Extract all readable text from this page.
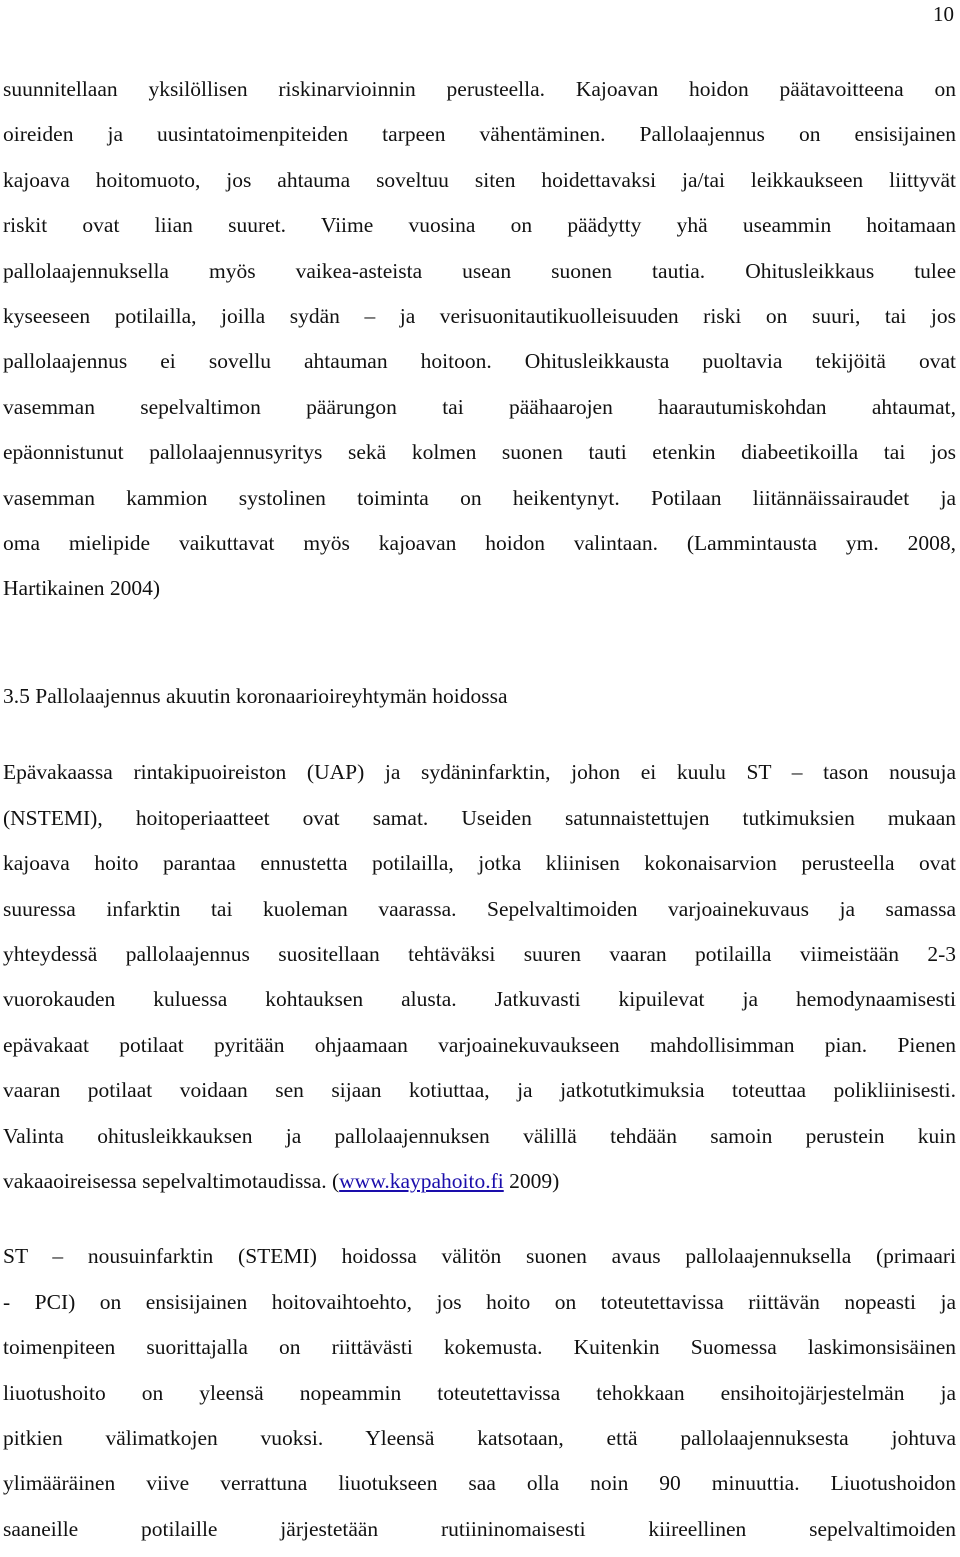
10
suunnitellaan yksilöllisen riskinarvioinnin perusteella. Kajoavan hoidon päätavoitteena on
oireiden ja uusintatoimenpiteiden tarpeen vähentäminen. Pallolaajennus on ensisijainen
kajoava hoitomuoto, jos ahtauma soveltuu siten hoidettavaksi ja/tai leikkaukseen liittyvät
riskit ovat liian suuret. Viime vuosina on päädytty yhä useammin hoitamaan
pallolaajennuksella myös vaikea-asteista usean suonen tautia. Ohitusleikkaus tulee
kyseeseen potilailla, joilla sydän – ja verisuonitautikuolleisuuden riski on suuri, tai jos
pallolaajennus ei sovellu ahtauman hoitoon. Ohitusleikkausta puoltavia tekijöitä ovat
vasemman sepelvaltimon päärungon tai päähaarojen haarautumiskohdan ahtaumat,
epäonnistunut pallolaajennusyritys sekä kolmen suonen tauti etenkin diabeetikoilla tai jos
vasemman kammion systolinen toiminta on heikentynyt. Potilaan liitännäissairaudet ja
oma mielipide vaikuttavat myös kajoavan hoidon valintaan. (Lammintausta ym. 2008,
Hartikainen 2004)
3.5 Pallolaajennus akuutin koronaarioireyhtymän hoidossa
Epävakaassa rintakipuoireiston (UAP) ja sydäninfarktin, johon ei kuulu ST – tason nousuja
(NSTEMI), hoitoperiaatteet ovat samat. Useiden satunnaistettujen tutkimuksien mukaan
kajoava hoito parantaa ennustetta potilailla, jotka kliinisen kokonaisarvion perusteella ovat
suuressa infarktin tai kuoleman vaarassa. Sepelvaltimoiden varjoainekuvaus ja samassa
yhteydessä pallolaajennus suositellaan tehtäväksi suuren vaaran potilailla viimeistään 2-3
vuorokauden kuluessa kohtauksen alusta. Jatkuvasti kipuilevat ja hemodynaamisesti
epävakaat potilaat pyritään ohjaamaan varjoainekuvaukseen mahdollisimman pian. Pienen
vaaran potilaat voidaan sen sijaan kotiuttaa, ja jatkotutkimuksia toteuttaa polikliinisesti.
Valinta ohitusleikkauksen ja pallolaajennuksen välillä tehdään samoin perustein kuin
vakaaoireisessa sepelvaltimotaudissa. (www.kaypahoito.fi 2009)
ST – nousuinfarktin (STEMI) hoidossa välitön suonen avaus pallolaajennuksella (primaari
- PCI) on ensisijainen hoitovaihtoehto, jos hoito on toteutettavissa riittävän nopeasti ja
toimenpiteen suorittajalla on riittävästi kokemusta. Kuitenkin Suomessa laskimonsisäinen
liuotushoito on yleensä nopeammin toteutettavissa tehokkaan ensihoitojärjestelmän ja
pitkien välimatkojen vuoksi. Yleensä katsotaan, että pallolaajennuksesta johtuva
ylimääräinen viive verrattuna liuotukseen saa olla noin 90 minuuttia. Liuotushoidon
saaneille potilaille järjestetään rutiininomaisesti kiireellinen sepelvaltimoiden
